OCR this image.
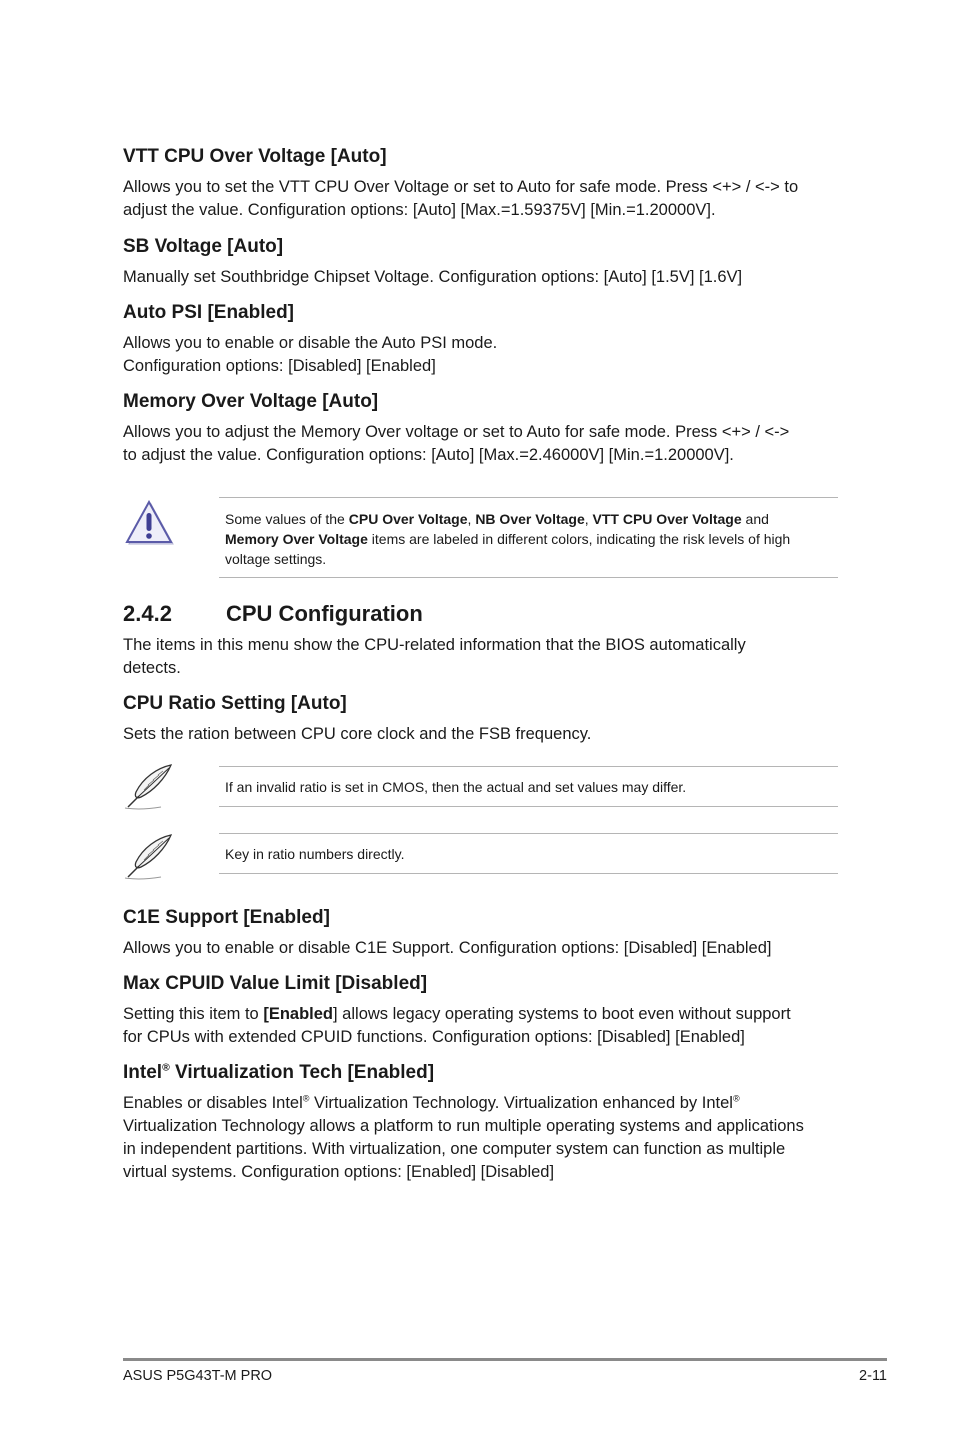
VTT CPU Over Voltage [Auto]

Allows you to set the VTT CPU Over Voltage or set to Auto for safe mode. Press <+> / <-> to

adjust the value. Configuration options: [Auto] [Max.=1.59375V] [Min.=1.20000V].

SB Voltage [Auto]

Manually set Southbridge Chipset Voltage. Configuration options: [Auto] [1.5V] [1.6V]

Auto PSI [Enabled]

Allows you to enable or disable the Auto PSI mode.

Configuration options: [Disabled] [Enabled]

Memory Over Voltage [Auto]

Allows you to adjust the Memory Over voltage or set to Auto for safe mode. Press <+> / <->

to adjust the value. Configuration options: [Auto] [Max.=2.46000V] [Min.=1.20000V].

2.4.2 CPU Configuration

The items in this menu show the CPU-related information that the BIOS automatically

detects.

CPU Ratio Setting [Auto]

Sets the ration between CPU core clock and the FSB frequency.

C1E Support [Enabled]

Allows you to enable or disable C1E Support. Configuration options: [Disabled] [Enabled]

Max CPUID Value Limit [Disabled]

Setting this item to [Enabled] allows legacy operating systems to boot even without support

for CPUs with extended CPUID functions. Configuration options: [Disabled] [Enabled]

Intel® Virtualization Tech [Enabled]

Enables or disables Intel® Virtualization Technology. Virtualization enhanced by Intel®

Virtualization Technology allows a platform to run multiple operating systems and applications

in independent partitions. With virtualization, one computer system can function as multiple

virtual systems. Configuration options: [Enabled] [Disabled]

Some values of the CPU Over Voltage, NB Over Voltage, VTT CPU Over Voltage and
Memory Over Voltage items are labeled in different colors, indicating the risk levels of high
voltage settings.

If an invalid ratio is set in CMOS, then the actual and set values may differ.

Key in ratio numbers directly.

ASUS P5G43T-M PRO	2-11
